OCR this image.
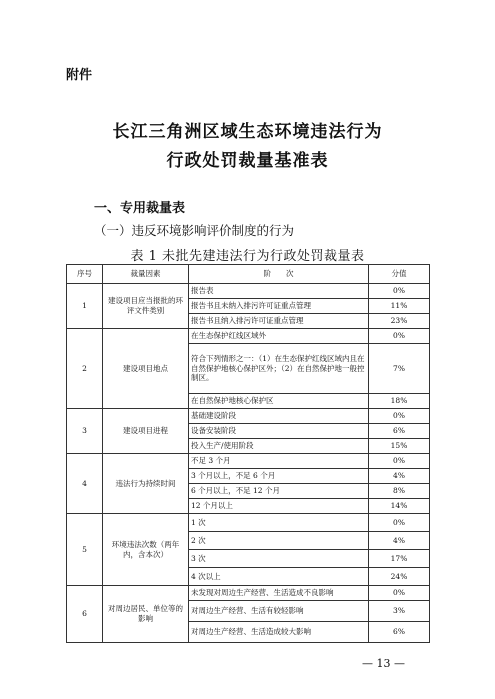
附件
长江三角洲区域生态环境违法行为
行政处罚裁量基准表
一、专用裁量表
（一）违反环境影响评价制度的行为
表 1 未批先建违法行为行政处罚裁量表
序号	裁量因素	阶　　次	分值
1	建设项目应当报批的环评文件类别	报告表	0%
		报告书且未纳入排污许可证重点管理	11%
		报告书且纳入排污许可证重点管理	23%
2	建设项目地点	在生态保护红线区域外	0%
		符合下列情形之一：（1）在生态保护红线区域内且在自然保护地核心保护区外；（2）在自然保护地一般控制区。	7%
		在自然保护地核心保护区	18%
3	建设项目进程	基础建设阶段	0%
		设备安装阶段	6%
		投入生产/使用阶段	15%
4	违法行为持续时间	不足 3 个月	0%
		3 个月以上，不足 6 个月	4%
		6 个月以上，不足 12 个月	8%
		12 个月以上	14%
5	环境违法次数（两年内，含本次）	1 次	0%
		2 次	4%
		3 次	17%
		4 次以上	24%
6	对周边居民、单位等的影响	未发现对周边生产经营、生活造成不良影响	0%
		对周边生产经营、生活有较轻影响	3%
		对周边生产经营、生活造成较大影响	6%
— 13 —
